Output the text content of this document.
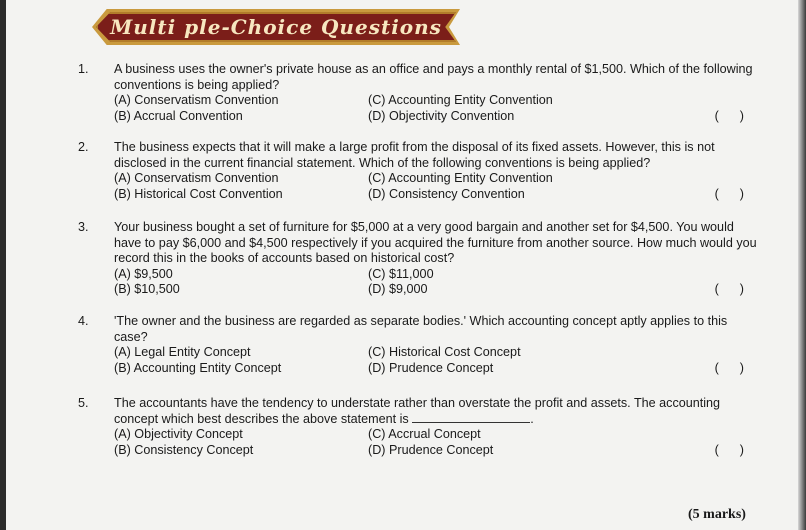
Multi ple-Choice Questions
1.	A business uses the owner's private house as an office and pays a monthly rental of $1,500. Which of the following conventions is being applied?
(A) Conservatism Convention	(C) Accounting Entity Convention
(B) Accrual Convention	(D) Objectivity Convention	(      )
2.	The business expects that it will make a large profit from the disposal of its fixed assets. However, this is not disclosed in the current financial statement. Which of the following conventions is being applied?
(A) Conservatism Convention	(C) Accounting Entity Convention
(B) Historical Cost Convention	(D) Consistency Convention	(      )
3.	Your business bought a set of furniture for $5,000 at a very good bargain and another set for $4,500. You would have to pay $6,000 and $4,500 respectively if you acquired the furniture from another source. How much would you record this in the books of accounts based on historical cost?
(A) $9,500	(C) $11,000
(B) $10,500	(D) $9,000	(      )
4.	'The owner and the business are regarded as separate bodies.' Which accounting concept aptly applies to this case?
(A) Legal Entity Concept	(C) Historical Cost Concept
(B) Accounting Entity Concept	(D) Prudence Concept	(      )
5.	The accountants have the tendency to understate rather than overstate the profit and assets. The accounting concept which best describes the above statement is	.
(A) Objectivity Concept	(C) Accrual Concept
(B) Consistency Concept	(D) Prudence Concept	(      )
(5 marks)
